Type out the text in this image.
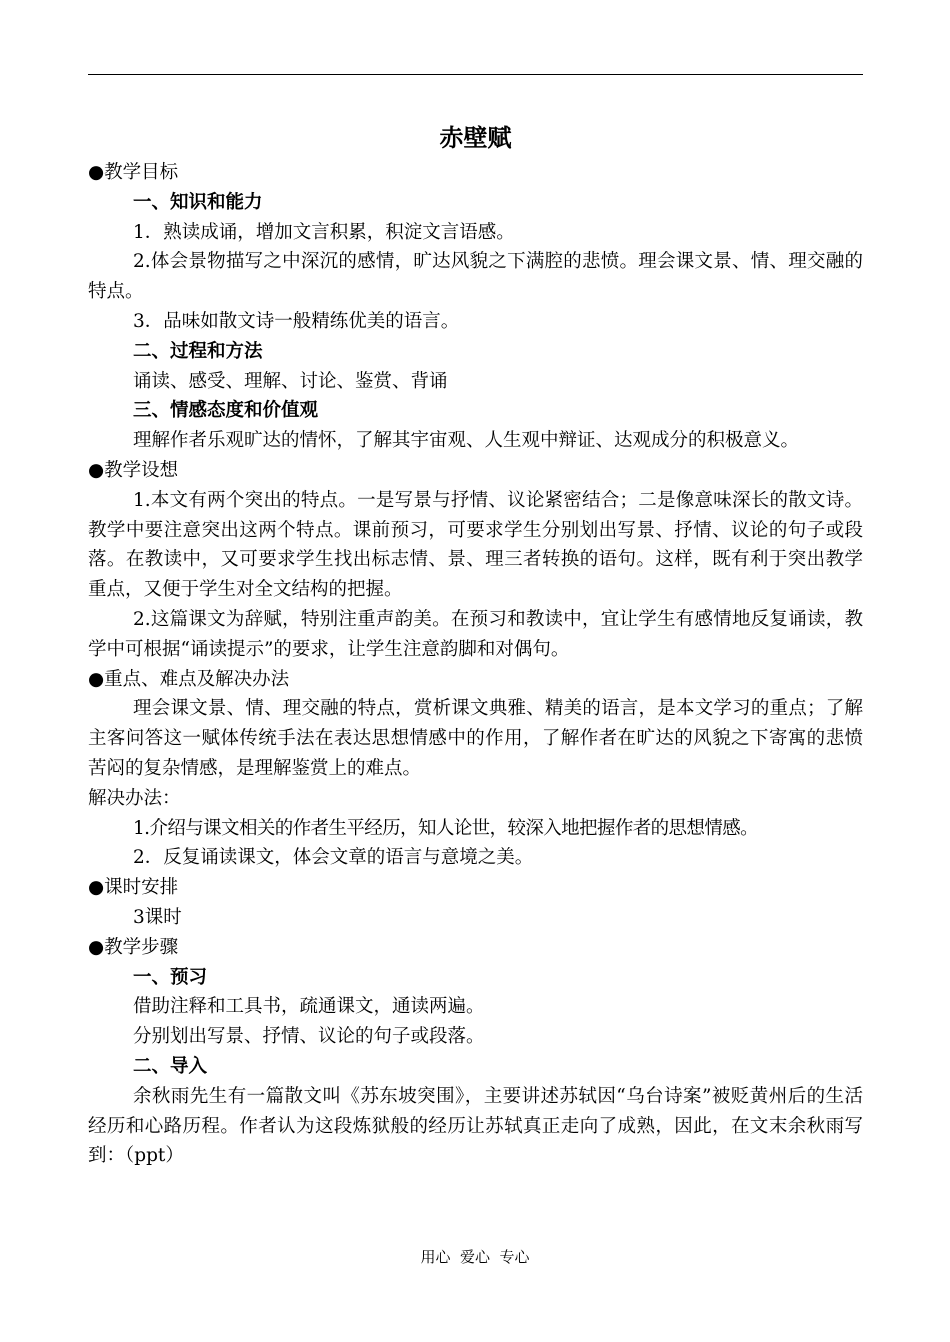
赤壁赋

●教学目标

一、知识和能力

1．熟读成诵，增加文言积累，积淀文言语感。

2.体会景物描写之中深沉的感情，旷达风貌之下满腔的悲愤。理会课文景、情、理交融的特点。

3．品味如散文诗一般精练优美的语言。

二、过程和方法

诵读、感受、理解、讨论、鉴赏、背诵

三、情感态度和价值观

理解作者乐观旷达的情怀，了解其宇宙观、人生观中辩证、达观成分的积极意义。

●教学设想

1.本文有两个突出的特点。一是写景与抒情、议论紧密结合；二是像意味深长的散文诗。教学中要注意突出这两个特点。课前预习，可要求学生分别划出写景、抒情、议论的句子或段落。在教读中，又可要求学生找出标志情、景、理三者转换的语句。这样，既有利于突出教学重点，又便于学生对全文结构的把握。

2.这篇课文为辞赋，特别注重声韵美。在预习和教读中，宜让学生有感情地反复诵读，教学中可根据“诵读提示”的要求，让学生注意韵脚和对偶句。

●重点、难点及解决办法

理会课文景、情、理交融的特点，赏析课文典雅、精美的语言，是本文学习的重点；了解主客问答这一赋体传统手法在表达思想情感中的作用，了解作者在旷达的风貌之下寄寓的悲愤苦闷的复杂情感，是理解鉴赏上的难点。

解决办法：

1.介绍与课文相关的作者生平经历，知人论世，较深入地把握作者的思想情感。

2．反复诵读课文，体会文章的语言与意境之美。

●课时安排

3课时

●教学步骤

一、预习

借助注释和工具书，疏通课文，通读两遍。

分别划出写景、抒情、议论的句子或段落。

二、导入

余秋雨先生有一篇散文叫《苏东坡突围》，主要讲述苏轼因“乌台诗案”被贬黄州后的生活经历和心路历程。作者认为这段炼狱般的经历让苏轼真正走向了成熟，因此，在文末余秋雨写到：（ppt）

用心  爱心  专心
